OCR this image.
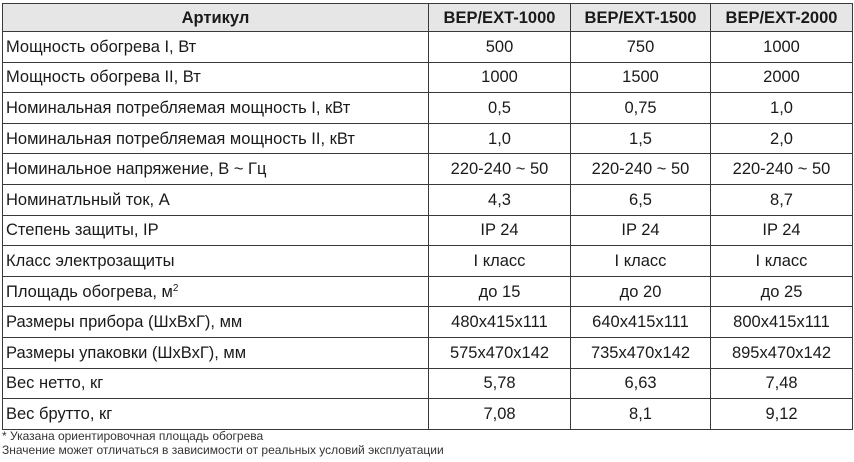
Артикул	BEP/EXT-1000	BEP/EXT-1500	BEP/EXT-2000
Мощность обогрева I, Вт	500	750	1000
Мощность обогрева II, Вт	1000	1500	2000
Номинальная потребляемая мощность I, кВт	0,5	0,75	1,0
Номинальная потребляемая мощность II, кВт	1,0	1,5	2,0
Номинальное напряжение, В ~ Гц	220-240 ~ 50	220-240 ~ 50	220-240 ~ 50
Номинатльный ток, А	4,3	6,5	8,7
Степень защиты, IP	IP 24	IP 24	IP 24
Класс электрозащиты	I класс	I класс	I класс
Площадь обогрева, $м^2$	до 15	до 20	до 25
Размеры прибора (ШхВхГ), мм	480x415x111	640x415x111	800x415x111
Размеры упаковки (ШхВхГ), мм	575x470x142	735x470x142	895x470x142
Вес нетто, кг	5,78	6,63	7,48
Вес брутто, кг	7,08	8,1	9,12
* Указана ориентировочная площадь обогрева
Значение может отличаться в зависимости от реальных условий эксплуатации
